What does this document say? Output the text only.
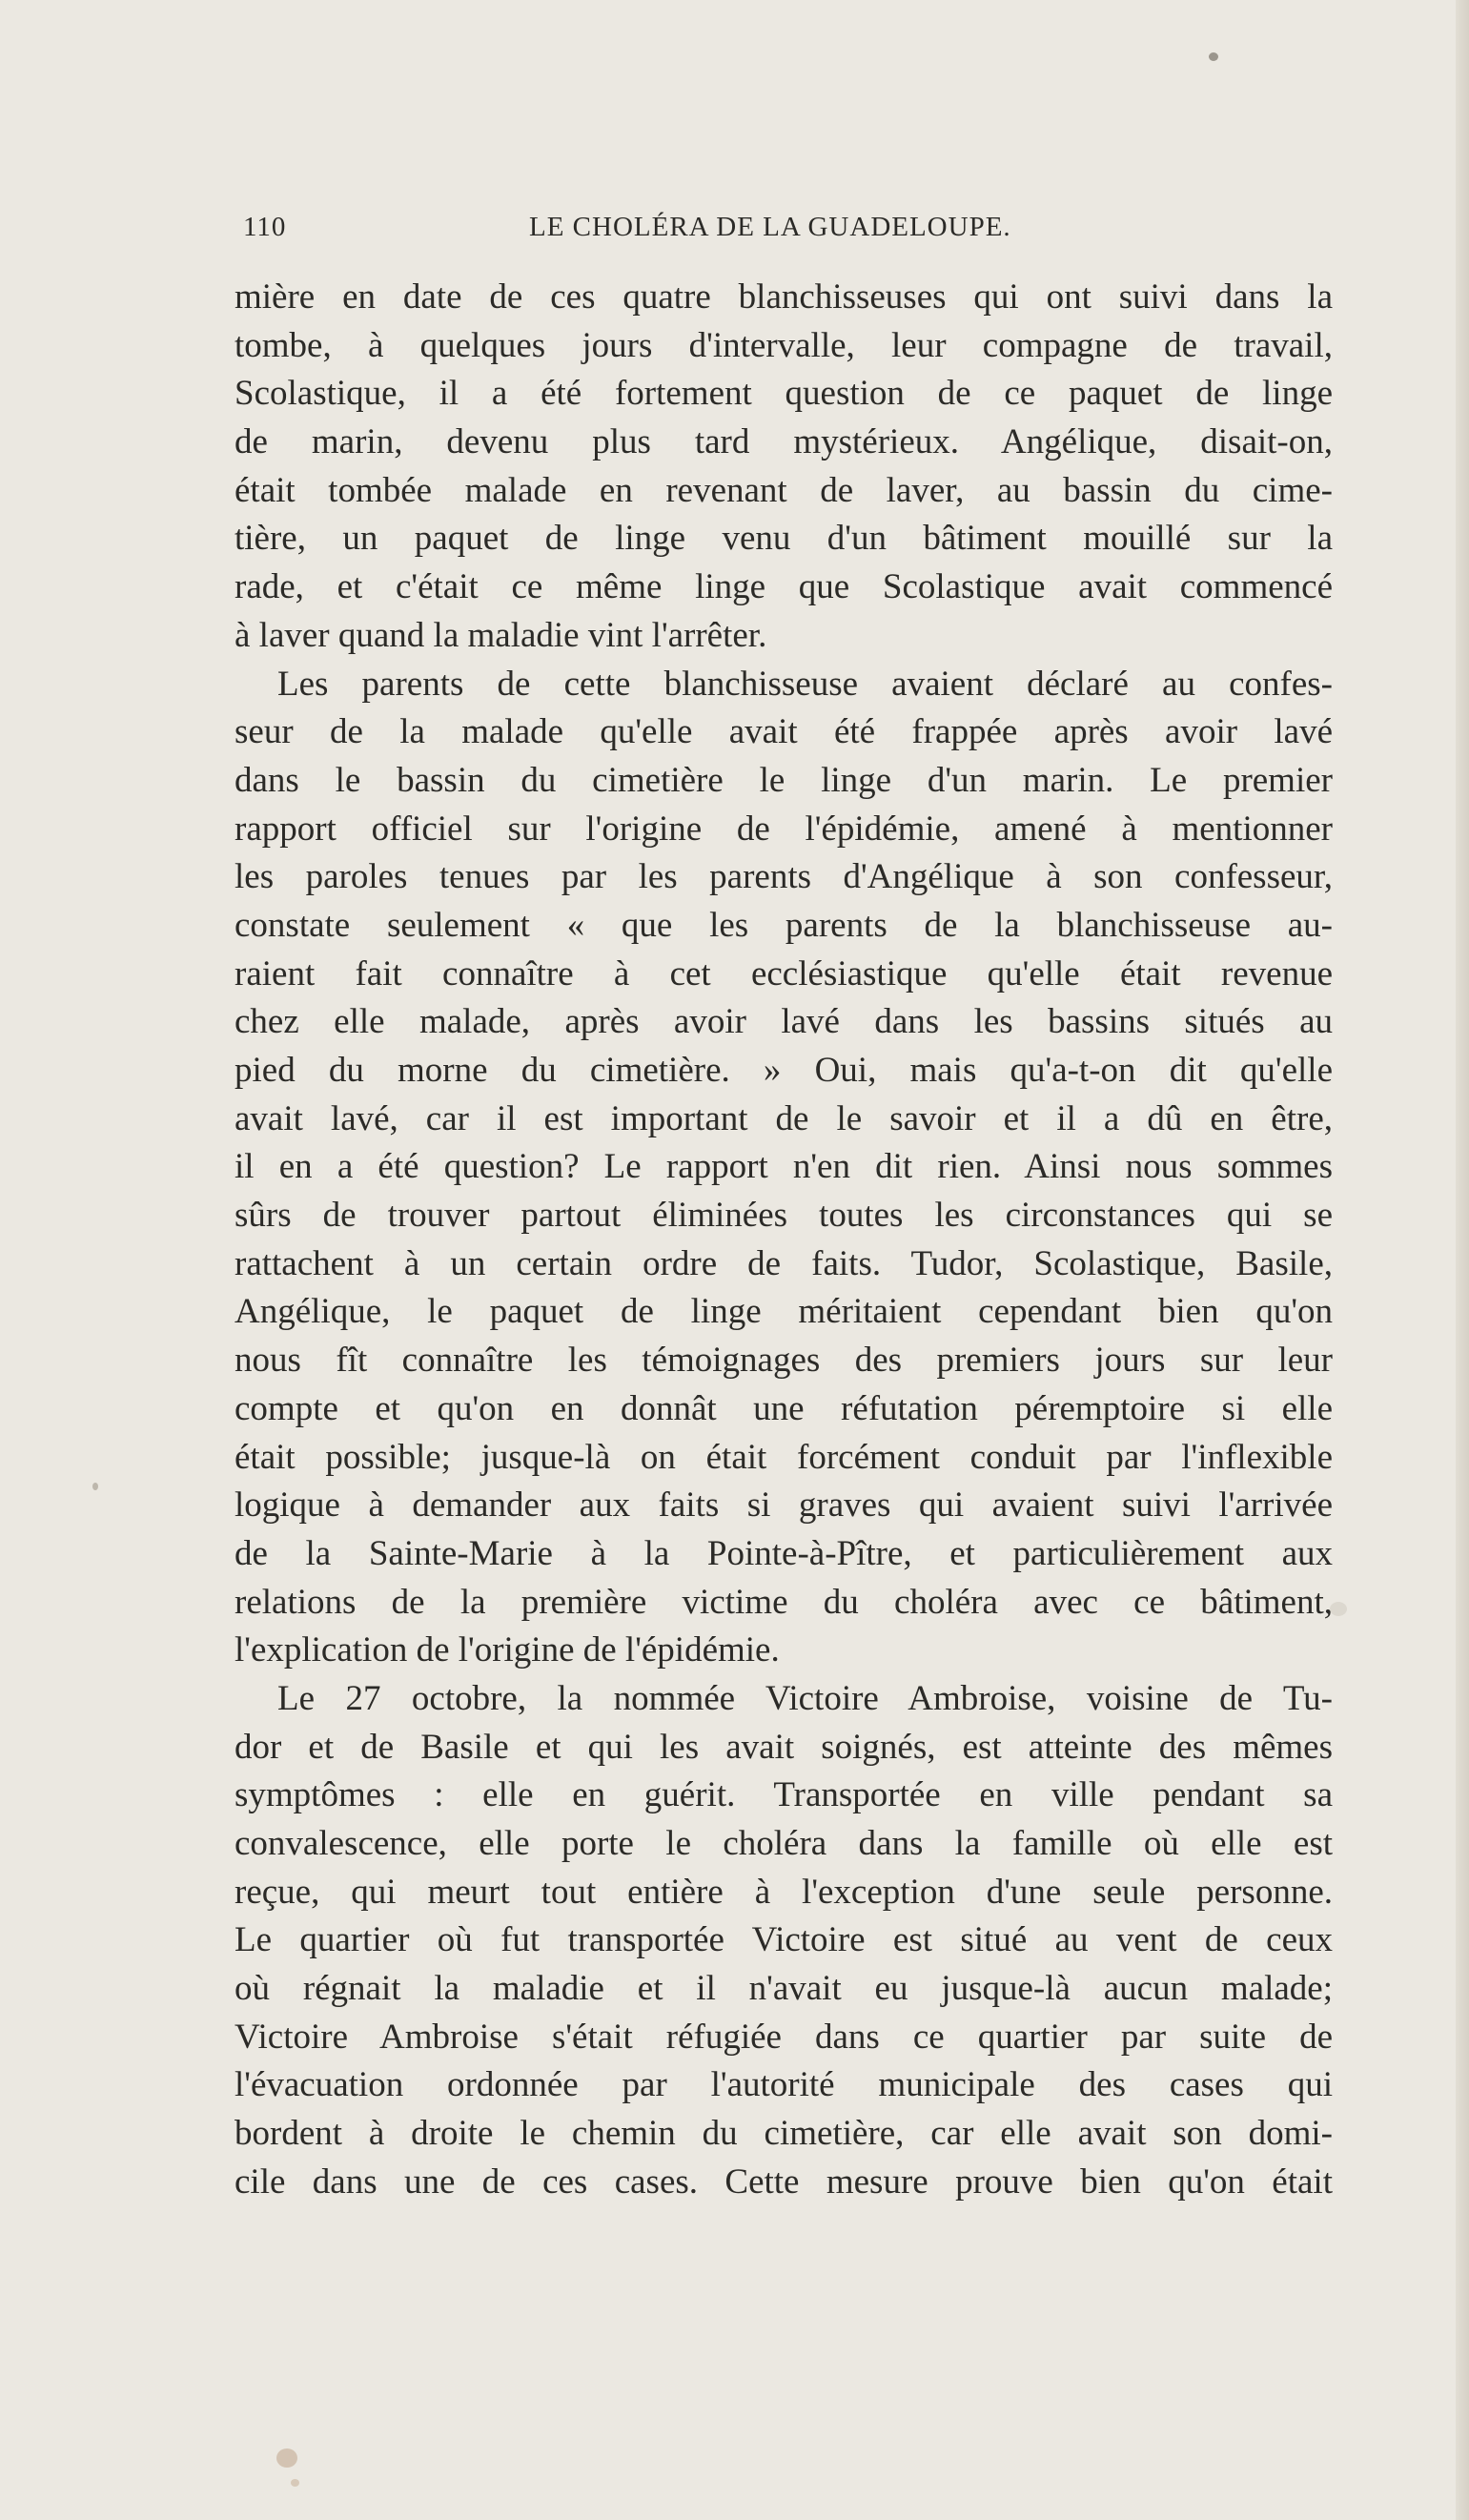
110	LE CHOLÉRA DE LA GUADELOUPE.
mière en date de ces quatre blanchisseuses qui ont suivi dans la
tombe, à quelques jours d'intervalle, leur compagne de travail,
Scolastique, il a été fortement question de ce paquet de linge
de marin, devenu plus tard mystérieux. Angélique, disait-on,
était tombée malade en revenant de laver, au bassin du cime-
tière, un paquet de linge venu d'un bâtiment mouillé sur la
rade, et c'était ce même linge que Scolastique avait commencé
à laver quand la maladie vint l'arrêter.
Les parents de cette blanchisseuse avaient déclaré au confes-
seur de la malade qu'elle avait été frappée après avoir lavé
dans le bassin du cimetière le linge d'un marin. Le premier
rapport officiel sur l'origine de l'épidémie, amené à mentionner
les paroles tenues par les parents d'Angélique à son confesseur,
constate seulement « que les parents de la blanchisseuse au-
raient fait connaître à cet ecclésiastique qu'elle était revenue
chez elle malade, après avoir lavé dans les bassins situés au
pied du morne du cimetière. » Oui, mais qu'a-t-on dit qu'elle
avait lavé, car il est important de le savoir et il a dû en être,
il en a été question? Le rapport n'en dit rien. Ainsi nous sommes
sûrs de trouver partout éliminées toutes les circonstances qui se
rattachent à un certain ordre de faits. Tudor, Scolastique, Basile,
Angélique, le paquet de linge méritaient cependant bien qu'on
nous fît connaître les témoignages des premiers jours sur leur
compte et qu'on en donnât une réfutation péremptoire si elle
était possible; jusque-là on était forcément conduit par l'inflexible
logique à demander aux faits si graves qui avaient suivi l'arrivée
de la Sainte-Marie à la Pointe-à-Pître, et particulièrement aux
relations de la première victime du choléra avec ce bâtiment,
l'explication de l'origine de l'épidémie.
Le 27 octobre, la nommée Victoire Ambroise, voisine de Tu-
dor et de Basile et qui les avait soignés, est atteinte des mêmes
symptômes : elle en guérit. Transportée en ville pendant sa
convalescence, elle porte le choléra dans la famille où elle est
reçue, qui meurt tout entière à l'exception d'une seule personne.
Le quartier où fut transportée Victoire est situé au vent de ceux
où régnait la maladie et il n'avait eu jusque-là aucun malade;
Victoire Ambroise s'était réfugiée dans ce quartier par suite de
l'évacuation ordonnée par l'autorité municipale des cases qui
bordent à droite le chemin du cimetière, car elle avait son domi-
cile dans une de ces cases. Cette mesure prouve bien qu'on était
